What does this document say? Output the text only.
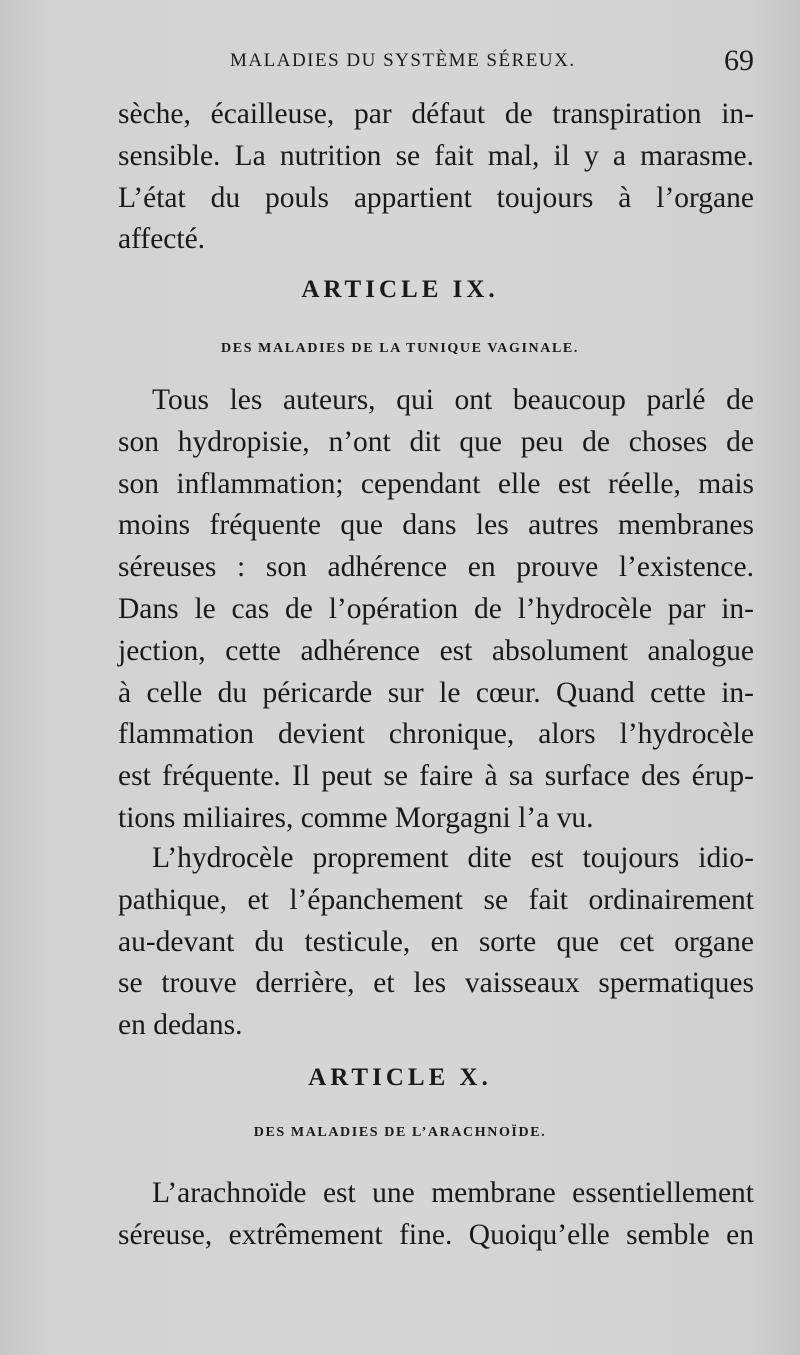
MALADIES DU SYSTÈME SÉREUX.	69
sèche, écailleuse, par défaut de transpiration in-
sensible. La nutrition se fait mal, il y a marasme.
L’état du pouls appartient toujours à l’organe
affecté.
ARTICLE IX.
DES MALADIES DE LA TUNIQUE VAGINALE.
Tous les auteurs, qui ont beaucoup parlé de
son hydropisie, n’ont dit que peu de choses de
son inflammation; cependant elle est réelle, mais
moins fréquente que dans les autres membranes
séreuses : son adhérence en prouve l’existence.
Dans le cas de l’opération de l’hydrocèle par in-
jection, cette adhérence est absolument analogue
à celle du péricarde sur le cœur. Quand cette in-
flammation devient chronique, alors l’hydrocèle
est fréquente. Il peut se faire à sa surface des érup-
tions miliaires, comme Morgagni l’a vu.
L’hydrocèle proprement dite est toujours idio-
pathique, et l’épanchement se fait ordinairement
au-devant du testicule, en sorte que cet organe
se trouve derrière, et les vaisseaux spermatiques
en dedans.
ARTICLE X.
DES MALADIES DE L’ARACHNOÏDE.
L’arachnoïde est une membrane essentiellement
séreuse, extrêmement fine. Quoiqu’elle semble en
